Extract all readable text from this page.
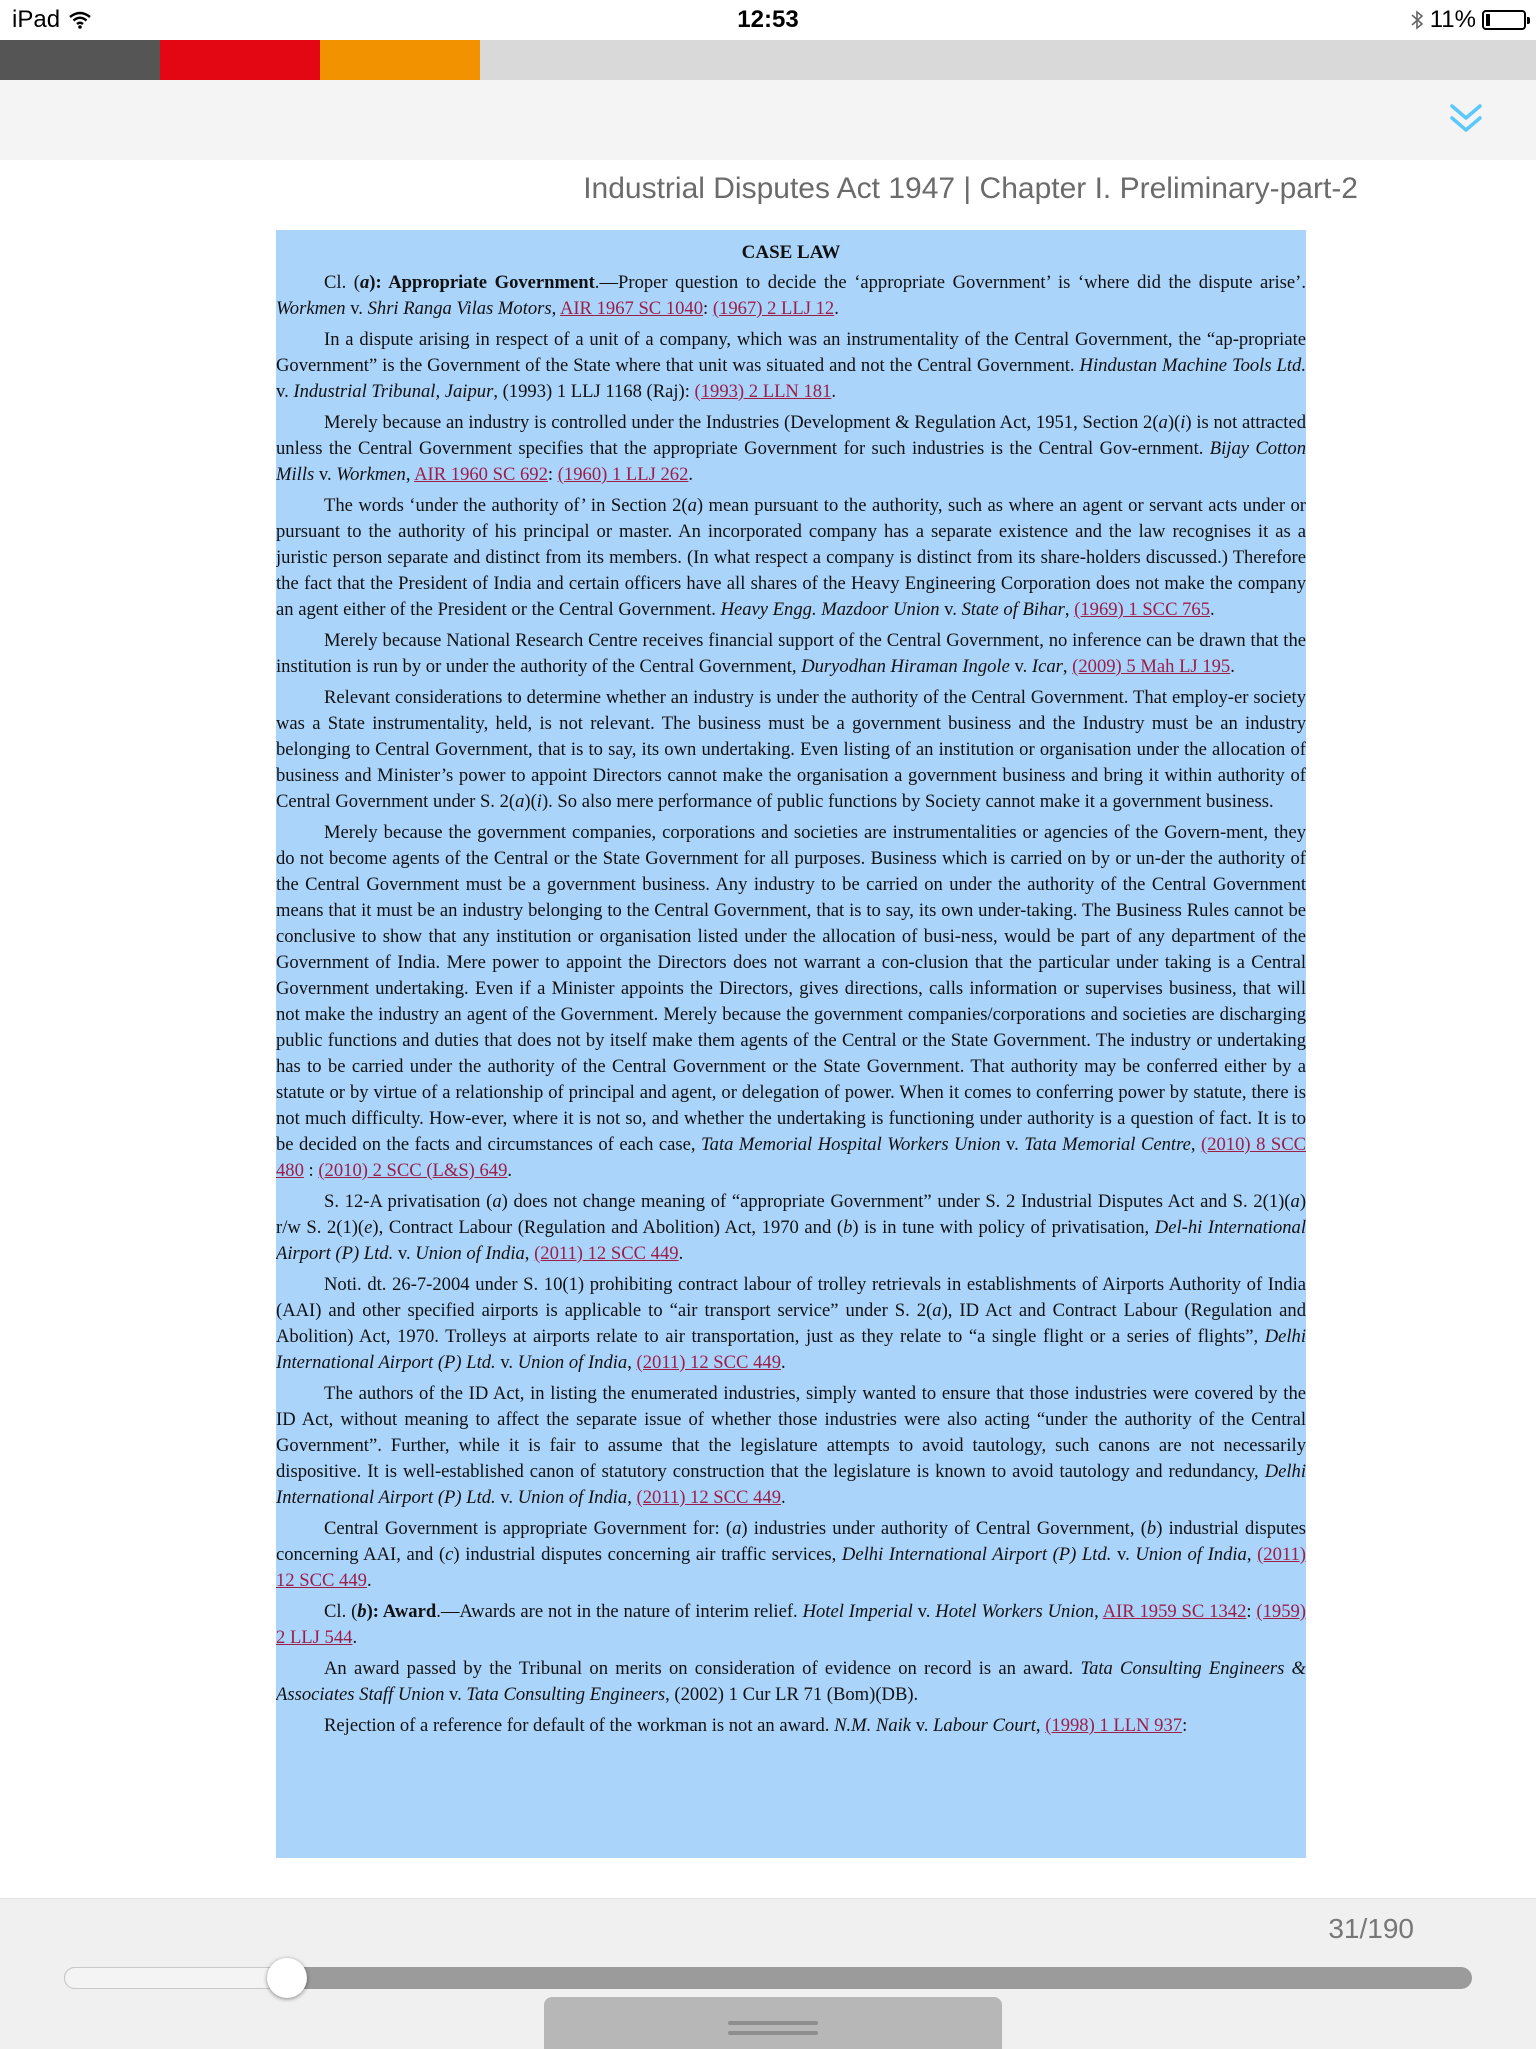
iPad	12:53	11%
Industrial Disputes Act 1947 | Chapter I. Preliminary-part-2
CASE LAW

Cl. (a): Appropriate Government.—Proper question to decide the ‘appropriate Government’ is ‘where did the dispute arise’. Workmen v. Shri Ranga Vilas Motors, AIR 1967 SC 1040: (1967) 2 LLJ 12.

In a dispute arising in respect of a unit of a company, which was an instrumentality of the Central Government, the “ap-propriate Government” is the Government of the State where that unit was situated and not the Central Government. Hindustan Machine Tools Ltd. v. Industrial Tribunal, Jaipur, (1993) 1 LLJ 1168 (Raj): (1993) 2 LLN 181.

Merely because an industry is controlled under the Industries (Development & Regulation Act, 1951, Section 2(a)(i) is not attracted unless the Central Government specifies that the appropriate Government for such industries is the Central Gov-ernment. Bijay Cotton Mills v. Workmen, AIR 1960 SC 692: (1960) 1 LLJ 262.

The words ‘under the authority of’ in Section 2(a) mean pursuant to the authority, such as where an agent or servant acts under or pursuant to the authority of his principal or master. An incorporated company has a separate existence and the law recognises it as a juristic person separate and distinct from its members. (In what respect a company is distinct from its share-holders discussed.) Therefore the fact that the President of India and certain officers have all shares of the Heavy Engineering Corporation does not make the company an agent either of the President or the Central Government. Heavy Engg. Mazdoor Union v. State of Bihar, (1969) 1 SCC 765.

Merely because National Research Centre receives financial support of the Central Government, no inference can be drawn that the institution is run by or under the authority of the Central Government, Duryodhan Hiraman Ingole v. Icar, (2009) 5 Mah LJ 195.

Relevant considerations to determine whether an industry is under the authority of the Central Government. That employ-er society was a State instrumentality, held, is not relevant. The business must be a government business and the Industry must be an industry belonging to Central Government, that is to say, its own undertaking. Even listing of an institution or organisation under the allocation of business and Minister’s power to appoint Directors cannot make the organisation a government business and bring it within authority of Central Government under S. 2(a)(i). So also mere performance of public functions by Society cannot make it a government business.

Merely because the government companies, corporations and societies are instrumentalities or agencies of the Govern-ment, they do not become agents of the Central or the State Government for all purposes. Business which is carried on by or un-der the authority of the Central Government must be a government business. Any industry to be carried on under the authority of the Central Government means that it must be an industry belonging to the Central Government, that is to say, its own under-taking. The Business Rules cannot be conclusive to show that any institution or organisation listed under the allocation of busi-ness, would be part of any department of the Government of India. Mere power to appoint the Directors does not warrant a con-clusion that the particular under taking is a Central Government undertaking. Even if a Minister appoints the Directors, gives directions, calls information or supervises business, that will not make the industry an agent of the Government. Merely because the government companies/corporations and societies are discharging public functions and duties that does not by itself make them agents of the Central or the State Government. The industry or undertaking has to be carried under the authority of the Central Government or the State Government. That authority may be conferred either by a statute or by virtue of a relationship of principal and agent, or delegation of power. When it comes to conferring power by statute, there is not much difficulty. How-ever, where it is not so, and whether the undertaking is functioning under authority is a question of fact. It is to be decided on the facts and circumstances of each case, Tata Memorial Hospital Workers Union v. Tata Memorial Centre, (2010) 8 SCC 480 : (2010) 2 SCC (L&S) 649.

S. 12-A privatisation (a) does not change meaning of “appropriate Government” under S. 2 Industrial Disputes Act and S. 2(1)(a) r/w S. 2(1)(e), Contract Labour (Regulation and Abolition) Act, 1970 and (b) is in tune with policy of privatisation, Del-hi International Airport (P) Ltd. v. Union of India, (2011) 12 SCC 449.

Noti. dt. 26-7-2004 under S. 10(1) prohibiting contract labour of trolley retrievals in establishments of Airports Authority of India (AAI) and other specified airports is applicable to “air transport service” under S. 2(a), ID Act and Contract Labour (Regulation and Abolition) Act, 1970. Trolleys at airports relate to air transportation, just as they relate to “a single flight or a series of flights”, Delhi International Airport (P) Ltd. v. Union of India, (2011) 12 SCC 449.

The authors of the ID Act, in listing the enumerated industries, simply wanted to ensure that those industries were covered by the ID Act, without meaning to affect the separate issue of whether those industries were also acting “under the authority of the Central Government”. Further, while it is fair to assume that the legislature attempts to avoid tautology, such canons are not necessarily dispositive. It is well-established canon of statutory construction that the legislature is known to avoid tautology and redundancy, Delhi International Airport (P) Ltd. v. Union of India, (2011) 12 SCC 449.

Central Government is appropriate Government for: (a) industries under authority of Central Government, (b) industrial disputes concerning AAI, and (c) industrial disputes concerning air traffic services, Delhi International Airport (P) Ltd. v. Union of India, (2011) 12 SCC 449.

Cl. (b): Award.—Awards are not in the nature of interim relief. Hotel Imperial v. Hotel Workers Union, AIR 1959 SC 1342: (1959) 2 LLJ 544.

An award passed by the Tribunal on merits on consideration of evidence on record is an award. Tata Consulting Engineers & Associates Staff Union v. Tata Consulting Engineers, (2002) 1 Cur LR 71 (Bom)(DB).

Rejection of a reference for default of the workman is not an award. N.M. Naik v. Labour Court, (1998) 1 LLN 937:

31/190
